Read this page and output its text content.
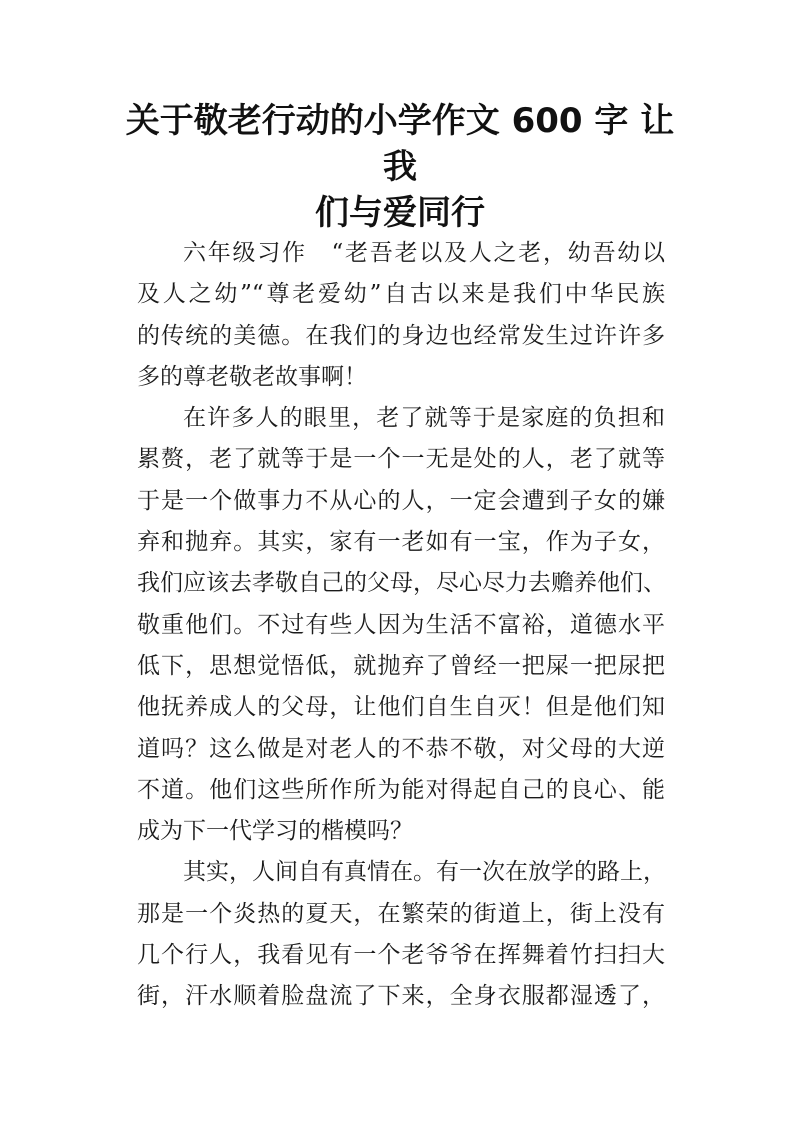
关于敬老行动的小学作文 600 字 让我
们与爱同行
六年级习作　“老吾老以及人之老，幼吾幼以
及人之幼”“尊老爱幼”自古以来是我们中华民族
的传统的美德。在我们的身边也经常发生过许许多
多的尊老敬老故事啊！
在许多人的眼里，老了就等于是家庭的负担和
累赘，老了就等于是一个一无是处的人，老了就等
于是一个做事力不从心的人，一定会遭到子女的嫌
弃和抛弃。其实，家有一老如有一宝，作为子女，
我们应该去孝敬自己的父母，尽心尽力去赡养他们、
敬重他们。不过有些人因为生活不富裕，道德水平
低下，思想觉悟低，就抛弃了曾经一把屎一把尿把
他抚养成人的父母，让他们自生自灭！但是他们知
道吗？这么做是对老人的不恭不敬，对父母的大逆
不道。他们这些所作所为能对得起自己的良心、能
成为下一代学习的楷模吗？
其实，人间自有真情在。有一次在放学的路上，
那是一个炎热的夏天，在繁荣的街道上，街上没有
几个行人，我看见有一个老爷爷在挥舞着竹扫扫大
街，汗水顺着脸盘流了下来，全身衣服都湿透了，
